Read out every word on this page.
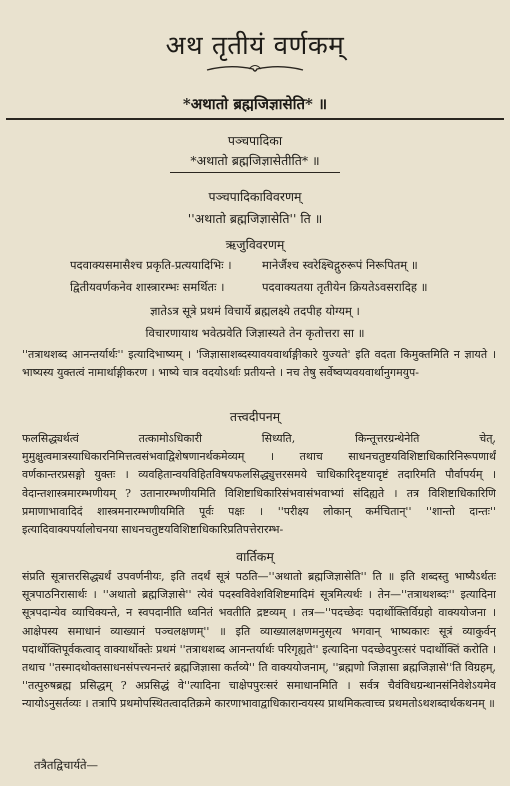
अथ तृतीयं वर्णकम्
*अथातो ब्रह्मजिज्ञासेति* ॥
पञ्चपादिका
*अथातो ब्रह्मजिज्ञासेतीति* ॥
पञ्चपादिकाविवरणम्
''अथातो ब्रह्मजिज्ञासेति'' ति ॥
ऋजुविवरणम्
पदवाक्यसमासैश्च प्रकृति-प्रत्ययादिभिः ।	मानेर्जैश्च स्वरेक्ष्चिद्गुरुरूपं निरूपितम् ॥
द्वितीयवर्णकनेव शास्त्रारम्भः समर्थितः ।	पदवाक्यतया तृतीयेन क्रियतेऽवसरादिह ॥
ज्ञातेऽत्र सूत्रे प्रथमं विचार्ये ब्रह्मलक्ष्ये तदपीह योग्यम् ।
विचारणायाथ भवेत्प्रवेति जिज्ञास्यते तेन कृतोत्तरा सा ॥

''तत्राथशब्द आनन्तर्यार्थः'' इत्यादिभाष्यम् । 'जिज्ञासाशब्दस्यावयवार्थाङ्गीकारे युज्यते' इति वदता किमुक्तमिति न ज्ञायते । भाष्यस्य युक्तत्वं नामार्थाङ्गीकरण । भाष्ये चात्र वदयोऽर्थाः प्रतीयन्ते । नच तेषु सर्वेष्वप्यवयवार्थानुगमयुप-

तत्त्वदीपनम्

फलसिद्ध्यर्थत्वं तत्कामोऽधिकारी सिध्यति, किन्तूत्तरग्रन्थेनेति चेत्, मुमुक्षुत्वमात्रस्याधिकारनिमित्तत्वसंभवाद्विशेषणानर्थकमेव्यम् । तथाच साधनचतुष्टयविशिष्टाधिकारिनिरूपणार्थं वर्णकान्तरप्रसङ्गो युक्तः । व्यवहितान्वयविहितविषयफलसिद्ध्युत्तरसमये चाधिकारिदृष्टयादृष्टं तदारिमति पौर्वापर्यम् । वेदान्तशास्त्रमारम्भणीयम् ? उतानारम्भणीयमिति विशिष्टाधिकारिसंभवासंभवाभ्यां संदिह्यते । तत्र विशिष्टाधिकारिणि प्रमाणाभावादिदं शास्त्रमनारम्भणीयमिति पूर्वः पक्षः । ''परीक्ष्य लोकान् कर्मचितान्'' ''शान्तो दान्तः'' इत्यादिवाक्यपर्यालोचनया साधनचतुष्टयविशिष्टाधिकारिप्रतिपत्तेरारम्भ-

वार्तिकम्

संप्रति सूत्रात्तरसिद्ध्यर्थं उपवर्णनीयः, इति तदर्थं सूत्रं पठति—''अथातो ब्रह्मजिज्ञासेति'' ति ॥ इति शब्दस्तु भाष्यैऽर्थतः सूत्रपाठनिरासार्थः । ''अथातो ब्रह्मजिज्ञासे'' त्येवं पदस्वविवेशविशिष्टमादिमं सूत्रमित्यर्थः । तेन—''तत्राथशब्दः'' इत्यादिना सूत्रपदान्येव व्याचिक्यन्ते, न स्वपदानीति ध्वनितं भवतीति द्रष्टव्यम् । तत्र—''पदच्छेदः पदार्थोक्तिर्विग्रहो वाक्ययोजना । आक्षेपस्य समाधानं व्याख्यानं पञ्चलक्षणम्'' ॥ इति व्याख्यालक्षणमनुसृत्य भगवान् भाष्यकारः सूत्रं व्याकुर्वन् पदार्थोक्तिपूर्वकत्वाद् वाक्यार्थोक्तेः प्रथमं ''तत्राथशब्द आनन्तर्यार्थः परिगृह्यते'' इत्यादिना पदच्छेदपुरःसरं पदार्थोक्तिं करोति । तथाच ''तस्मादथोक्तसाधनसंपत्त्यनन्तरं ब्रह्मजिज्ञासा कर्तव्ये'' ति वाक्ययोजनाम्, ''ब्रह्मणो जिज्ञासा ब्रह्मजिज्ञासे''ति विग्रहम्, ''तत्पुरुषब्रह्म प्रसिद्धम् ? अप्रसिद्धं वे''त्यादिना चाक्षेपपुरःसरं समाधानमिति । सर्वत्र चैवंविधग्रन्थानसंनिवेशेऽयमेव न्यायोऽनुसर्तव्यः । तत्रापि प्रथमोपस्थितत्वादतिक्रमे कारणाभावाद्वाधिकारान्वयस्य प्राथमिकत्वाच्च प्रथमतोऽथशब्दार्थकथनम् ॥

तत्रैतद्विचार्यते—
